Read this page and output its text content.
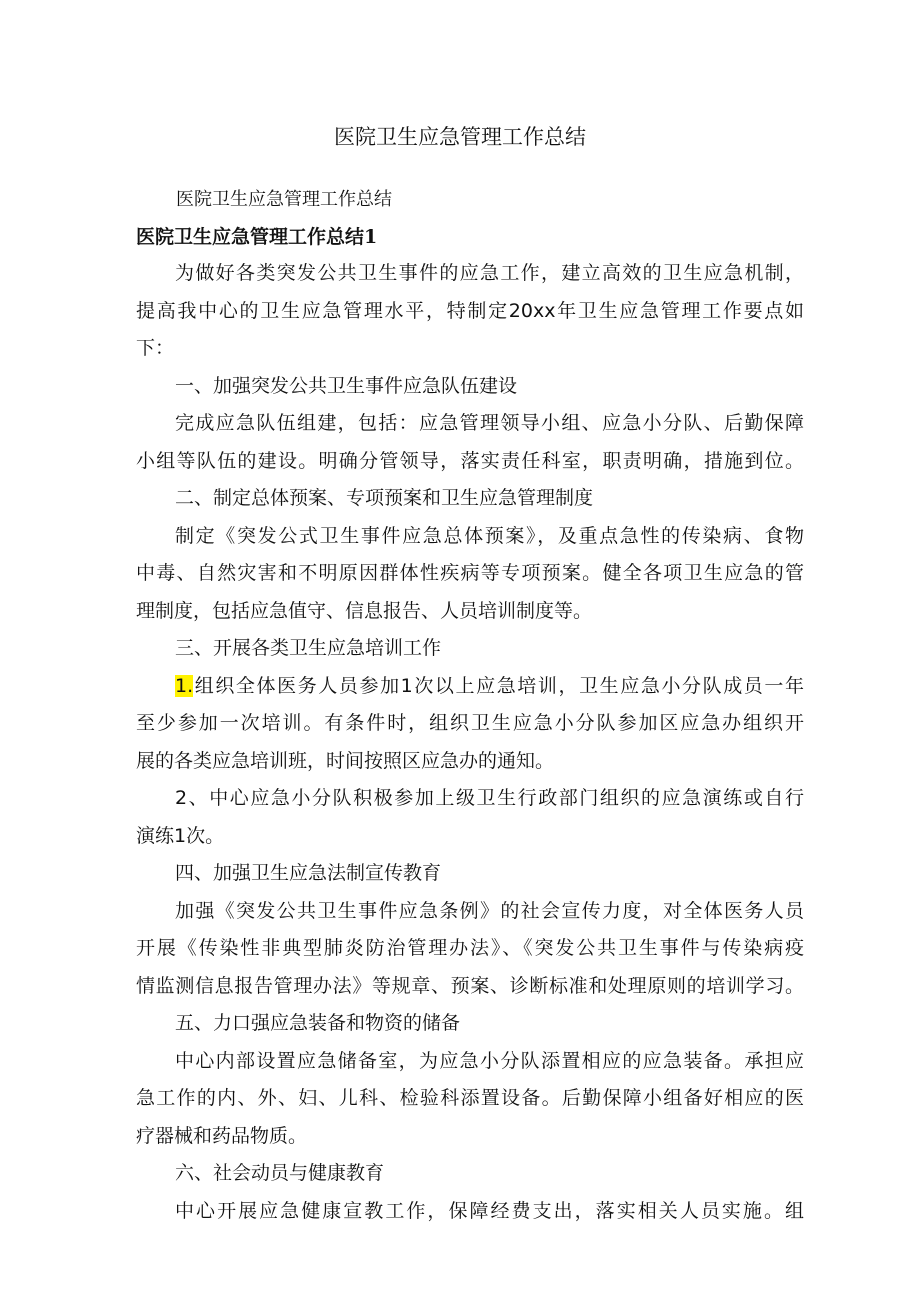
医院卫生应急管理工作总结
医院卫生应急管理工作总结
医院卫生应急管理工作总结1
为做好各类突发公共卫生事件的应急工作，建立高效的卫生应急机制，
提高我中心的卫生应急管理水平，特制定20xx年卫生应急管理工作要点如
下：
一、加强突发公共卫生事件应急队伍建设
完成应急队伍组建，包括：应急管理领导小组、应急小分队、后勤保障
小组等队伍的建设。明确分管领导，落实责任科室，职责明确，措施到位。
二、制定总体预案、专项预案和卫生应急管理制度
制定《突发公式卫生事件应急总体预案》，及重点急性的传染病、食物
中毒、自然灾害和不明原因群体性疾病等专项预案。健全各项卫生应急的管
理制度，包括应急值守、信息报告、人员培训制度等。
三、开展各类卫生应急培训工作
1.组织全体医务人员参加1次以上应急培训，卫生应急小分队成员一年
至少参加一次培训。有条件时，组织卫生应急小分队参加区应急办组织开
展的各类应急培训班，时间按照区应急办的通知。
2、中心应急小分队积极参加上级卫生行政部门组织的应急演练或自行
演练1次。
四、加强卫生应急法制宣传教育
加强《突发公共卫生事件应急条例》的社会宣传力度，对全体医务人员
开展《传染性非典型肺炎防治管理办法》、《突发公共卫生事件与传染病疫
情监测信息报告管理办法》等规章、预案、诊断标准和处理原则的培训学习。
五、力口强应急装备和物资的储备
中心内部设置应急储备室，为应急小分队添置相应的应急装备。承担应
急工作的内、外、妇、儿科、检验科添置设备。后勤保障小组备好相应的医
疗器械和药品物质。
六、社会动员与健康教育
中心开展应急健康宣教工作，保障经费支出，落实相关人员实施。组
